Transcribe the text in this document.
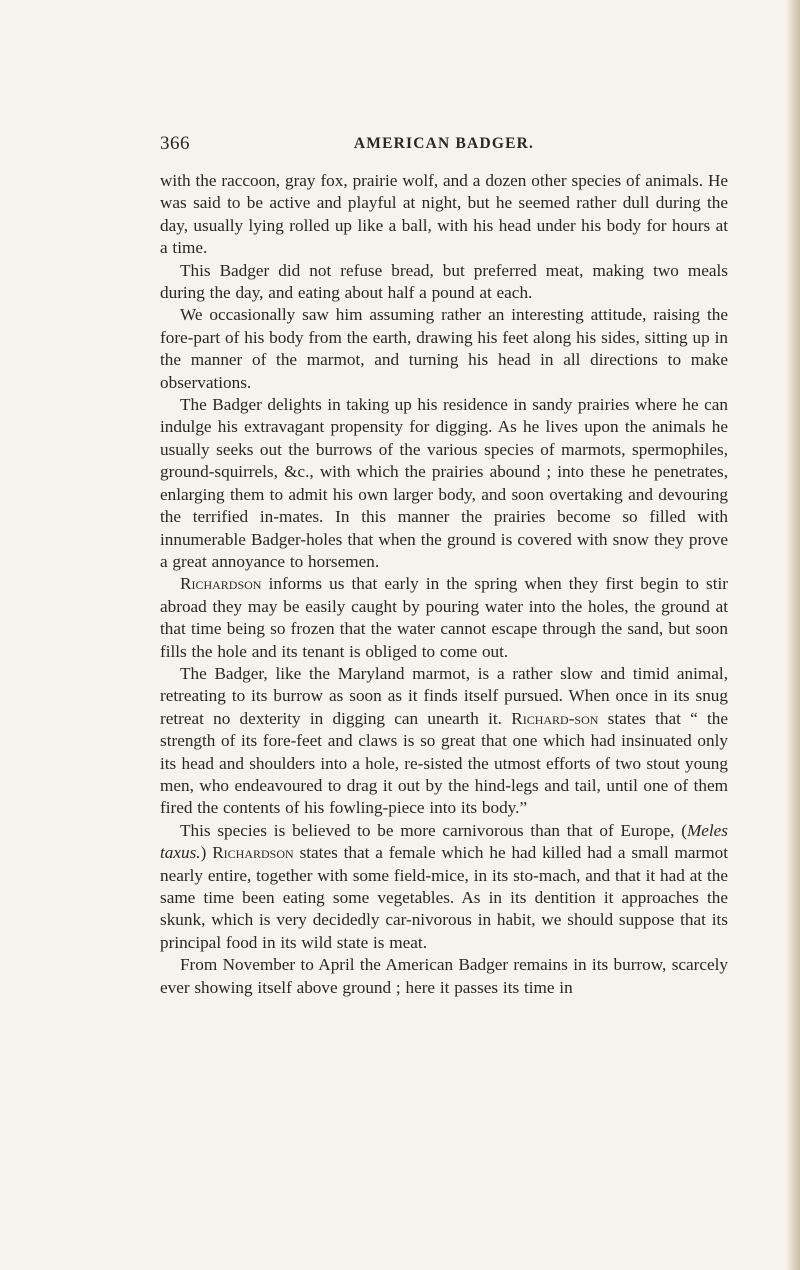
366	AMERICAN BADGER.

with the raccoon, gray fox, prairie wolf, and a dozen other species of animals. He was said to be active and playful at night, but he seemed rather dull during the day, usually lying rolled up like a ball, with his head under his body for hours at a time.

This Badger did not refuse bread, but preferred meat, making two meals during the day, and eating about half a pound at each.

We occasionally saw him assuming rather an interesting attitude, raising the fore-part of his body from the earth, drawing his feet along his sides, sitting up in the manner of the marmot, and turning his head in all directions to make observations.

The Badger delights in taking up his residence in sandy prairies where he can indulge his extravagant propensity for digging. As he lives upon the animals he usually seeks out the burrows of the various species of marmots, spermophiles, ground-squirrels, &c., with which the prairies abound ; into these he penetrates, enlarging them to admit his own larger body, and soon overtaking and devouring the terrified in-mates. In this manner the prairies become so filled with innumerable Badger-holes that when the ground is covered with snow they prove a great annoyance to horsemen.

Richardson informs us that early in the spring when they first begin to stir abroad they may be easily caught by pouring water into the holes, the ground at that time being so frozen that the water cannot escape through the sand, but soon fills the hole and its tenant is obliged to come out.

The Badger, like the Maryland marmot, is a rather slow and timid animal, retreating to its burrow as soon as it finds itself pursued. When once in its snug retreat no dexterity in digging can unearth it. Richard-son states that “ the strength of its fore-feet and claws is so great that one which had insinuated only its head and shoulders into a hole, re-sisted the utmost efforts of two stout young men, who endeavoured to drag it out by the hind-legs and tail, until one of them fired the contents of his fowling-piece into its body.”

This species is believed to be more carnivorous than that of Europe, (Meles taxus.) Richardson states that a female which he had killed had a small marmot nearly entire, together with some field-mice, in its sto-mach, and that it had at the same time been eating some vegetables. As in its dentition it approaches the skunk, which is very decidedly car-nivorous in habit, we should suppose that its principal food in its wild state is meat.

From November to April the American Badger remains in its burrow, scarcely ever showing itself above ground ; here it passes its time in
